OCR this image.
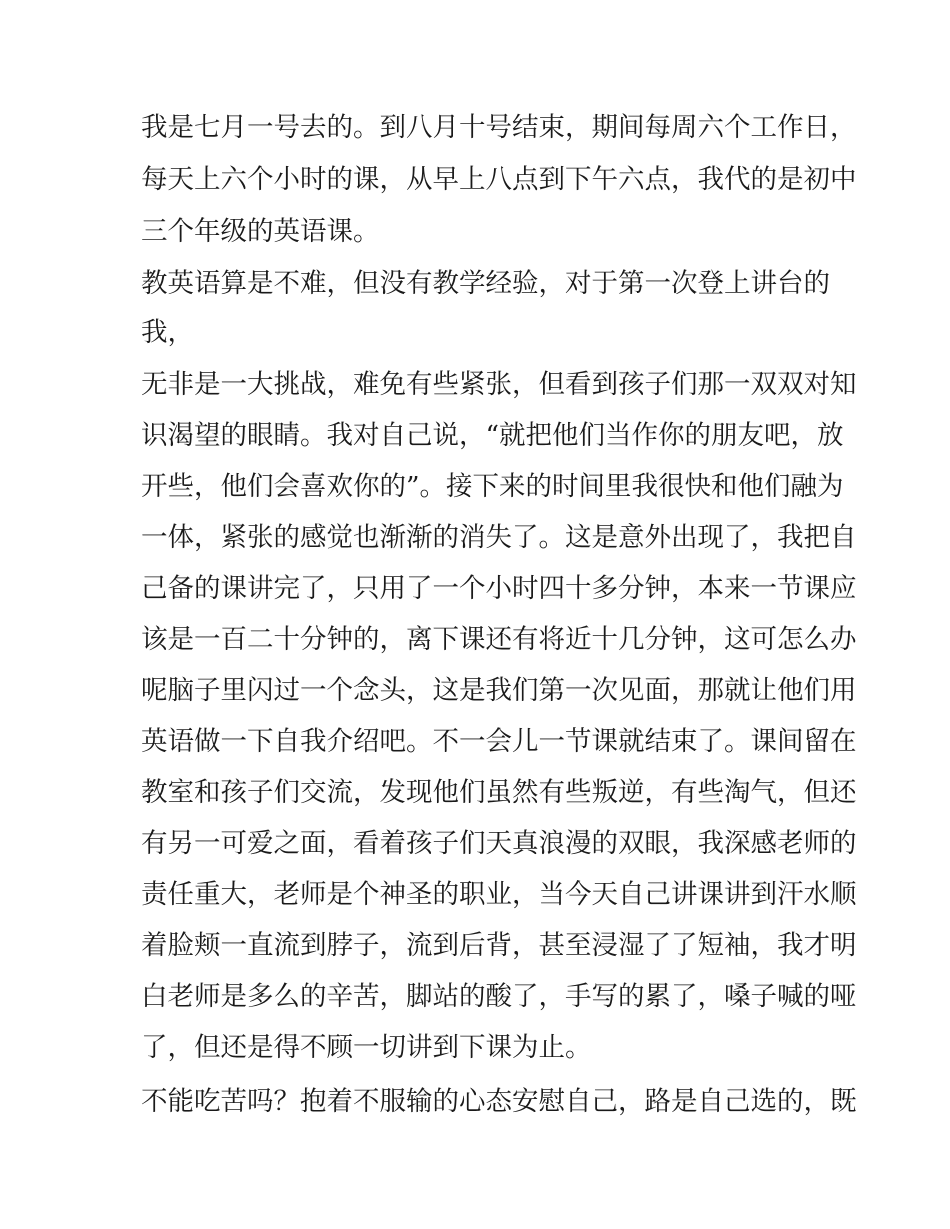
我是七月一号去的。到八月十号结束，期间每周六个工作日，
每天上六个小时的课，从早上八点到下午六点，我代的是初中
三个年级的英语课。
教英语算是不难，但没有教学经验，对于第一次登上讲台的
我，
无非是一大挑战，难免有些紧张，但看到孩子们那一双双对知
识渴望的眼睛。我对自己说，“就把他们当作你的朋友吧，放
开些，他们会喜欢你的”。接下来的时间里我很快和他们融为
一体，紧张的感觉也渐渐的消失了。这是意外出现了，我把自
己备的课讲完了，只用了一个小时四十多分钟，本来一节课应
该是一百二十分钟的，离下课还有将近十几分钟，这可怎么办
呢脑子里闪过一个念头，这是我们第一次见面，那就让他们用
英语做一下自我介绍吧。不一会儿一节课就结束了。课间留在
教室和孩子们交流，发现他们虽然有些叛逆，有些淘气，但还
有另一可爱之面，看着孩子们天真浪漫的双眼，我深感老师的
责任重大，老师是个神圣的职业，当今天自己讲课讲到汗水顺
着脸颊一直流到脖子，流到后背，甚至浸湿了了短袖，我才明
白老师是多么的辛苦，脚站的酸了，手写的累了，嗓子喊的哑
了，但还是得不顾一切讲到下课为止。
不能吃苦吗？抱着不服输的心态安慰自己，路是自己选的，既
